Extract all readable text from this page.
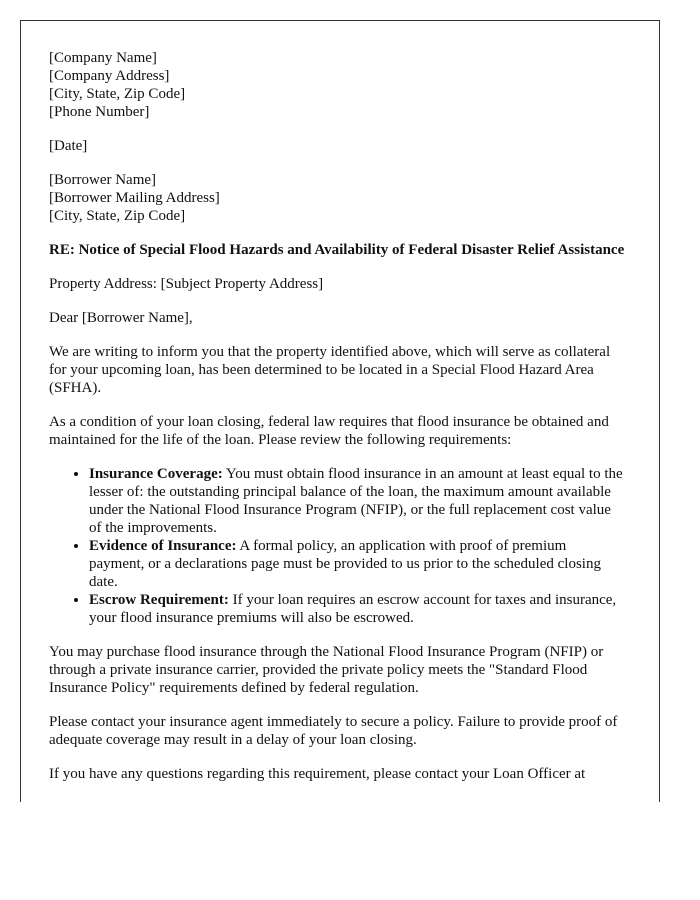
[Company Name]
[Company Address]
[City, State, Zip Code]
[Phone Number]

[Date]

[Borrower Name]
[Borrower Mailing Address]
[City, State, Zip Code]

RE: Notice of Special Flood Hazards and Availability of Federal Disaster Relief Assistance

Property Address: [Subject Property Address]

Dear [Borrower Name],

We are writing to inform you that the property identified above, which will serve as collateral for your upcoming loan, has been determined to be located in a Special Flood Hazard Area (SFHA).

As a condition of your loan closing, federal law requires that flood insurance be obtained and maintained for the life of the loan. Please review the following requirements:

• Insurance Coverage: You must obtain flood insurance in an amount at least equal to the lesser of: the outstanding principal balance of the loan, the maximum amount available under the National Flood Insurance Program (NFIP), or the full replacement cost value of the improvements.
• Evidence of Insurance: A formal policy, an application with proof of premium payment, or a declarations page must be provided to us prior to the scheduled closing date.
• Escrow Requirement: If your loan requires an escrow account for taxes and insurance, your flood insurance premiums will also be escrowed.

You may purchase flood insurance through the National Flood Insurance Program (NFIP) or through a private insurance carrier, provided the private policy meets the "Standard Flood Insurance Policy" requirements defined by federal regulation.

Please contact your insurance agent immediately to secure a policy. Failure to provide proof of adequate coverage may result in a delay of your loan closing.

If you have any questions regarding this requirement, please contact your Loan Officer at
